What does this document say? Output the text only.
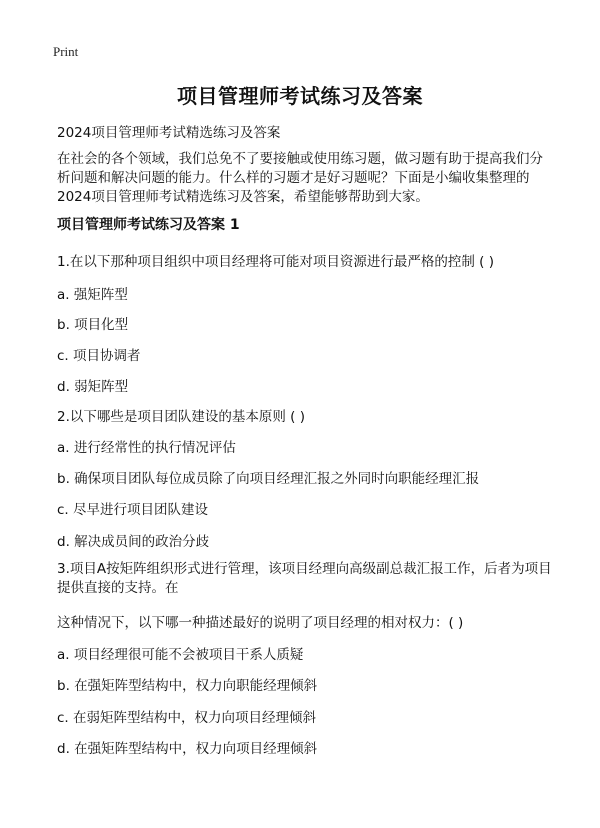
Print
项目管理师考试练习及答案
2024项目管理师考试精选练习及答案
在社会的各个领域，我们总免不了要接触或使用练习题，做习题有助于提高我们分析问题和解决问题的能力。什么样的习题才是好习题呢？下面是小编收集整理的2024项目管理师考试精选练习及答案，希望能够帮助到大家。
项目管理师考试练习及答案 1
1.在以下那种项目组织中项目经理将可能对项目资源进行最严格的控制 ( )
a. 强矩阵型
b. 项目化型
c. 项目协调者
d. 弱矩阵型
2.以下哪些是项目团队建设的基本原则 ( )
a. 进行经常性的执行情况评估
b. 确保项目团队每位成员除了向项目经理汇报之外同时向职能经理汇报
c. 尽早进行项目团队建设
d. 解决成员间的政治分歧
3.项目A按矩阵组织形式进行管理，该项目经理向高级副总裁汇报工作，后者为项目提供直接的支持。在
这种情况下，以下哪一种描述最好的说明了项目经理的相对权力：( )
a. 项目经理很可能不会被项目干系人质疑
b. 在强矩阵型结构中，权力向职能经理倾斜
c. 在弱矩阵型结构中，权力向项目经理倾斜
d. 在强矩阵型结构中，权力向项目经理倾斜
